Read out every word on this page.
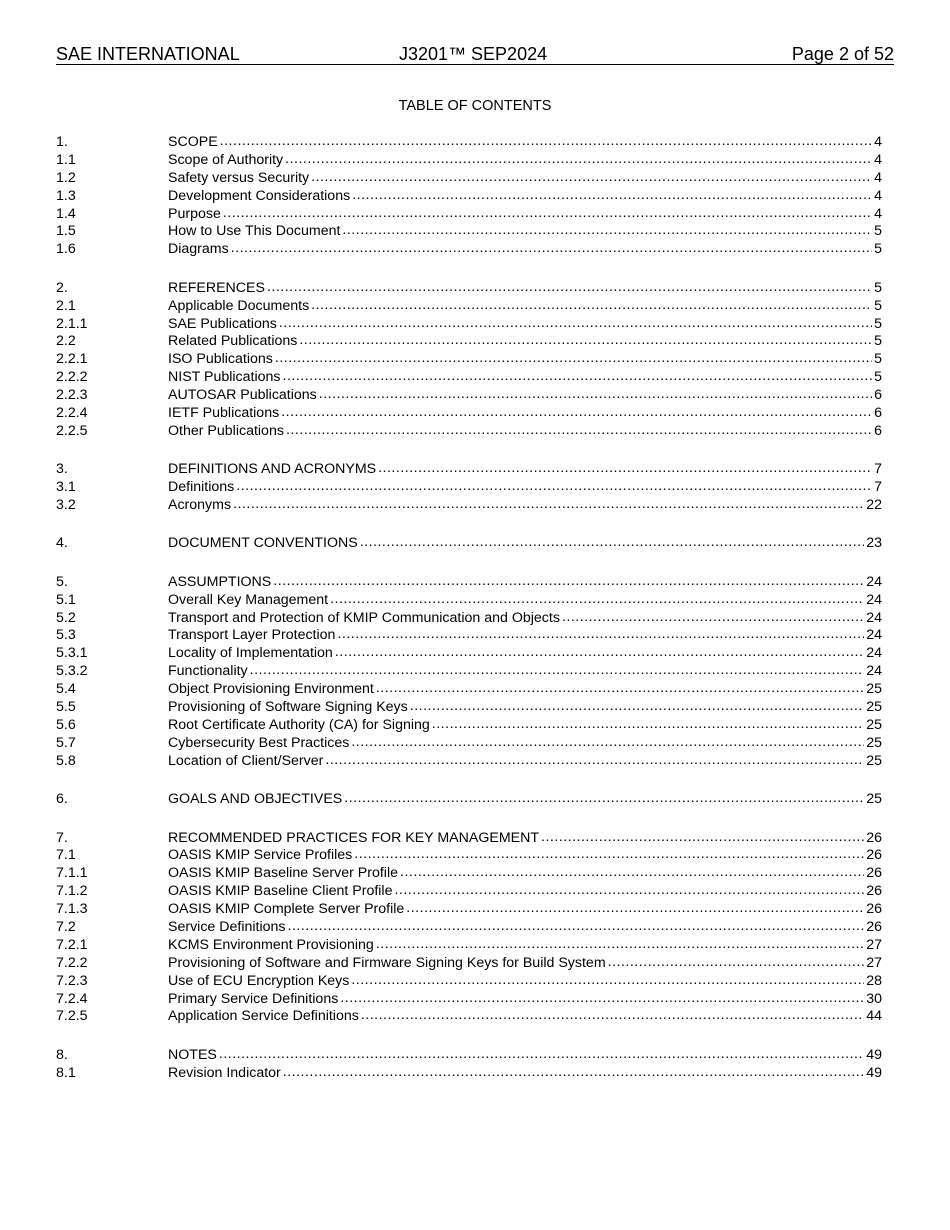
SAE INTERNATIONAL	J3201™ SEP2024	Page 2 of 52
TABLE OF CONTENTS
1.	SCOPE .....	4
1.1	Scope of Authority .....	4
1.2	Safety versus Security .....	4
1.3	Development Considerations .....	4
1.4	Purpose .....	4
1.5	How to Use This Document .....	5
1.6	Diagrams .....	5
2.	REFERENCES .....	5
2.1	Applicable Documents .....	5
2.1.1	SAE Publications .....	5
2.2	Related Publications .....	5
2.2.1	ISO Publications .....	5
2.2.2	NIST Publications .....	5
2.2.3	AUTOSAR Publications .....	6
2.2.4	IETF Publications .....	6
2.2.5	Other Publications .....	6
3.	DEFINITIONS AND ACRONYMS .....	7
3.1	Definitions .....	7
3.2	Acronyms .....	22
4.	DOCUMENT CONVENTIONS .....	23
5.	ASSUMPTIONS .....	24
5.1	Overall Key Management .....	24
5.2	Transport and Protection of KMIP Communication and Objects .....	24
5.3	Transport Layer Protection .....	24
5.3.1	Locality of Implementation .....	24
5.3.2	Functionality .....	24
5.4	Object Provisioning Environment .....	25
5.5	Provisioning of Software Signing Keys .....	25
5.6	Root Certificate Authority (CA) for Signing .....	25
5.7	Cybersecurity Best Practices .....	25
5.8	Location of Client/Server .....	25
6.	GOALS AND OBJECTIVES .....	25
7.	RECOMMENDED PRACTICES FOR KEY MANAGEMENT .....	26
7.1	OASIS KMIP Service Profiles .....	26
7.1.1	OASIS KMIP Baseline Server Profile .....	26
7.1.2	OASIS KMIP Baseline Client Profile .....	26
7.1.3	OASIS KMIP Complete Server Profile .....	26
7.2	Service Definitions .....	26
7.2.1	KCMS Environment Provisioning .....	27
7.2.2	Provisioning of Software and Firmware Signing Keys for Build System .....	27
7.2.3	Use of ECU Encryption Keys .....	28
7.2.4	Primary Service Definitions .....	30
7.2.5	Application Service Definitions .....	44
8.	NOTES .....	49
8.1	Revision Indicator .....	49
